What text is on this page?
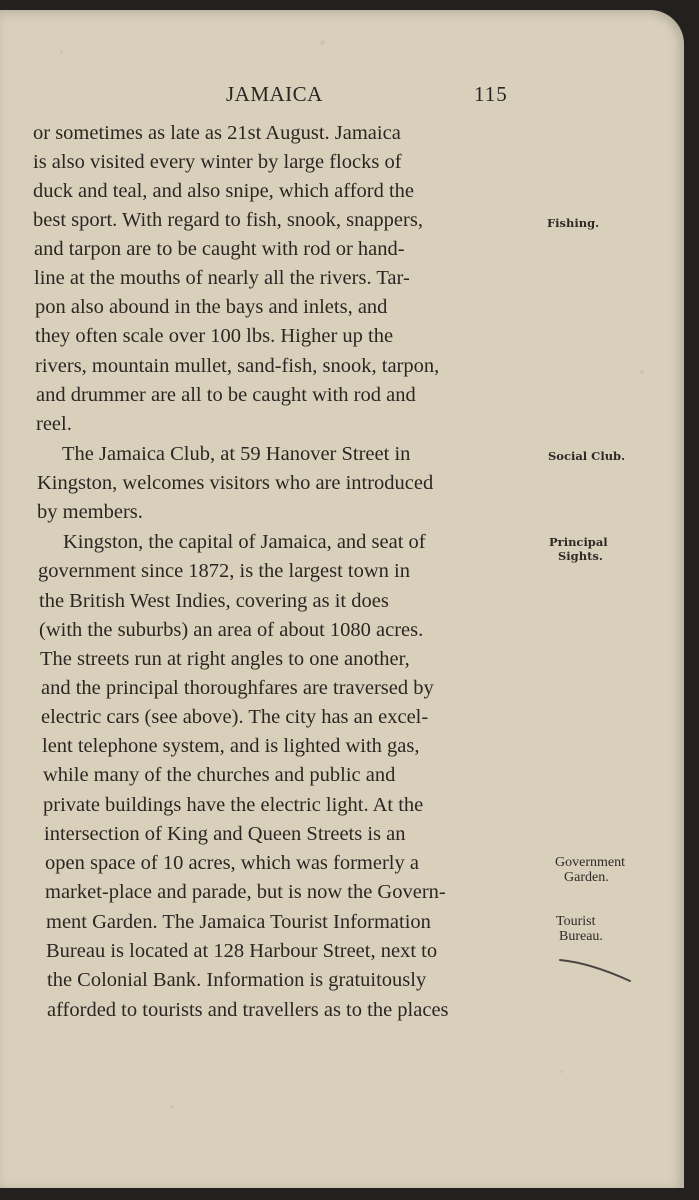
JAMAICA	115
or sometimes as late as 21st August. Jamaica
is also visited every winter by large flocks of
duck and teal, and also snipe, which afford the
best sport. With regard to fish, snook, snappers,
and tarpon are to be caught with rod or hand-
line at the mouths of nearly all the rivers. Tar-
pon also abound in the bays and inlets, and
they often scale over 100 lbs. Higher up the
rivers, mountain mullet, sand-fish, snook, tarpon,
and drummer are all to be caught with rod and
reel.
The Jamaica Club, at 59 Hanover Street in
Kingston, welcomes visitors who are introduced
by members.
Kingston, the capital of Jamaica, and seat of
government since 1872, is the largest town in
the British West Indies, covering as it does
(with the suburbs) an area of about 1080 acres.
The streets run at right angles to one another,
and the principal thoroughfares are traversed by
electric cars (see above). The city has an excel-
lent telephone system, and is lighted with gas,
while many of the churches and public and
private buildings have the electric light. At the
intersection of King and Queen Streets is an
open space of 10 acres, which was formerly a
market-place and parade, but is now the Govern-
ment Garden. The Jamaica Tourist Information
Bureau is located at 128 Harbour Street, next to
the Colonial Bank. Information is gratuitously
afforded to tourists and travellers as to the places
Fishing.
Social Club.
Principal
Sights.
Government
Garden.
Tourist
Bureau.
